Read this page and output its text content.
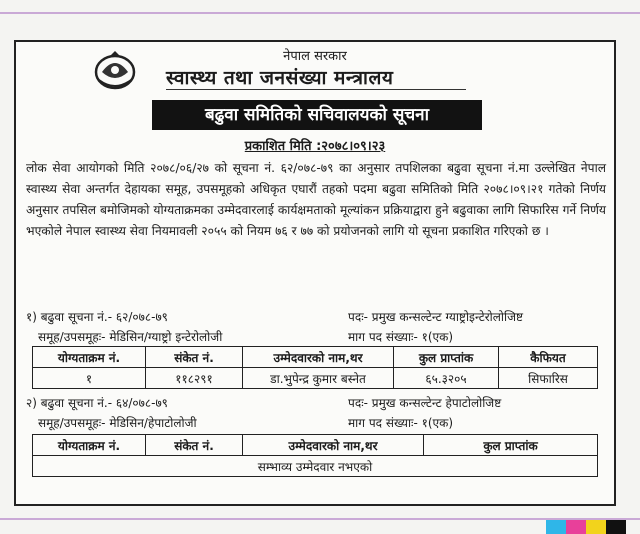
नेपाल सरकार
स्वास्थ्य तथा जनसंख्या मन्त्रालय
बढुवा समितिको सचिवालयको सूचना
प्रकाशित मिति :२०७८।०९।२३

लोक सेवा आयोगको मिति २०७८/०६/२७ को सूचना नं. ६२/०७८-७९ का अनुसार तपशिलका बढुवा सूचना नं.मा उल्लेखित नेपाल स्वास्थ्य सेवा अन्तर्गत देहायका समूह, उपसमूहको अधिकृत एघारौं तहको पदमा बढुवा समितिको मिति २०७८।०९।२१ गतेको निर्णय अनुसार तपसिल बमोजिमको योग्यताक्रमका उम्मेदवारलाई कार्यक्षमताको मूल्यांकन प्रक्रियाद्वारा हुने बढुवाका लागि सिफारिस गर्ने निर्णय भएकोले नेपाल स्वास्थ्य सेवा नियमावली २०५५ को नियम ७६ र ७७ को प्रयोजनको लागि यो सूचना प्रकाशित गरिएको छ ।

१) बढुवा सूचना नं.- ६२/०७८-७९	पदः- प्रमुख कन्सल्टेन्ट ग्याष्ट्रोइन्टेरोलोजिष्ट
समूह/उपसमूहः- मेडिसिन/ग्याष्ट्रो इन्टेरोलोजी	माग पद संख्याः- १(एक)
योग्यताक्रम नं.	संकेत नं.	उम्मेदवारको नाम,थर	कुल प्राप्तांक	कैफियत
१	११८२९१	डा.भुपेन्द्र कुमार बस्नेत	६५.३२०५	सिफारिस
२) बढुवा सूचना नं.- ६४/०७८-७९	पदः- प्रमुख कन्सल्टेन्ट हेपाटोलोजिष्ट
समूह/उपसमूहः- मेडिसिन/हेपाटोलोजी	माग पद संख्याः- १(एक)
योग्यताक्रम नं.	संकेत नं.	उम्मेदवारको नाम,थर	कुल प्राप्तांक
सम्भाव्य उम्मेदवार नभएको
